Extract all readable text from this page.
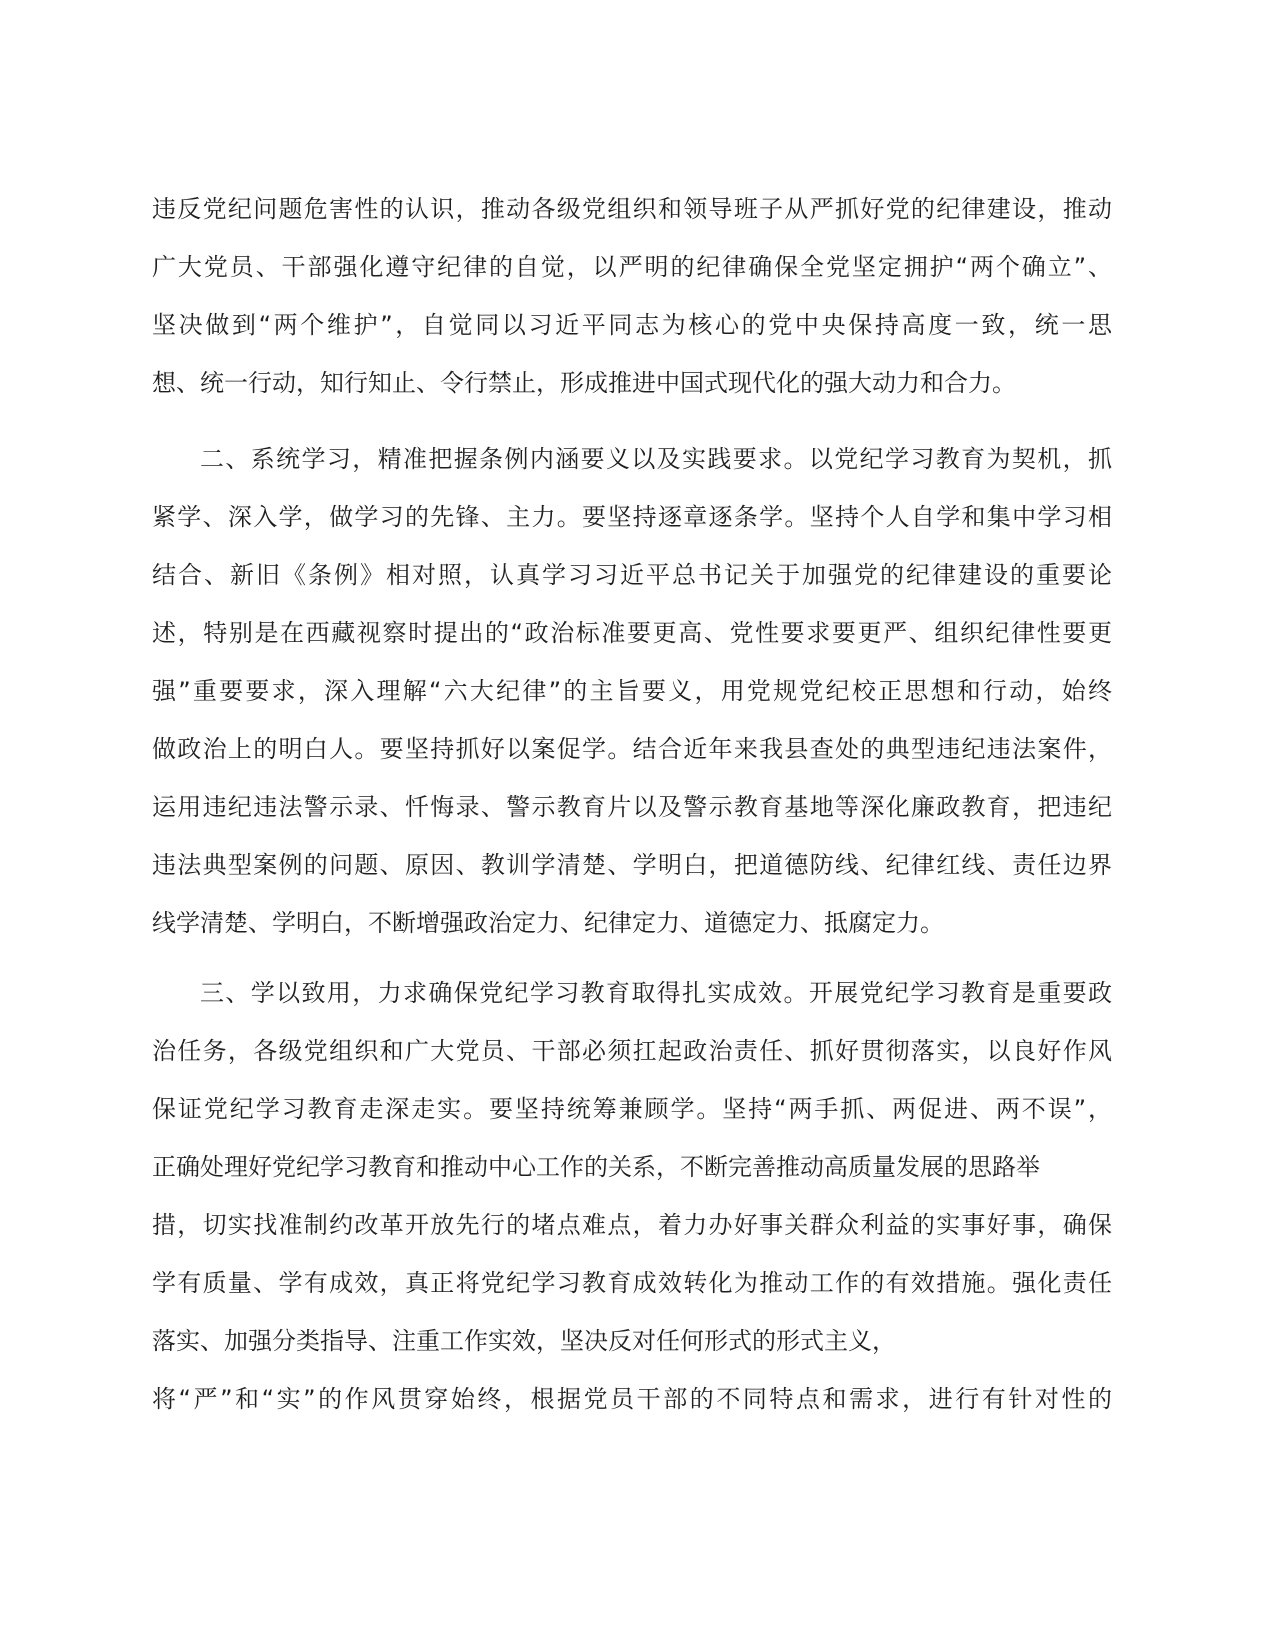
违反党纪问题危害性的认识，推动各级党组织和领导班子从严抓好党的纪律建设，推动
广大党员、干部强化遵守纪律的自觉，以严明的纪律确保全党坚定拥护“两个确立”、
坚决做到“两个维护”，自觉同以习近平同志为核心的党中央保持高度一致，统一思
想、统一行动，知行知止、令行禁止，形成推进中国式现代化的强大动力和合力。

二、系统学习，精准把握条例内涵要义以及实践要求。以党纪学习教育为契机，抓
紧学、深入学，做学习的先锋、主力。要坚持逐章逐条学。坚持个人自学和集中学习相
结合、新旧《条例》相对照，认真学习习近平总书记关于加强党的纪律建设的重要论
述，特别是在西藏视察时提出的“政治标准要更高、党性要求要更严、组织纪律性要更
强”重要要求，深入理解“六大纪律”的主旨要义，用党规党纪校正思想和行动，始终
做政治上的明白人。要坚持抓好以案促学。结合近年来我县查处的典型违纪违法案件，
运用违纪违法警示录、忏悔录、警示教育片以及警示教育基地等深化廉政教育，把违纪
违法典型案例的问题、原因、教训学清楚、学明白，把道德防线、纪律红线、责任边界
线学清楚、学明白，不断增强政治定力、纪律定力、道德定力、抵腐定力。

三、学以致用，力求确保党纪学习教育取得扎实成效。开展党纪学习教育是重要政
治任务，各级党组织和广大党员、干部必须扛起政治责任、抓好贯彻落实，以良好作风
保证党纪学习教育走深走实。要坚持统筹兼顾学。坚持“两手抓、两促进、两不误”，
正确处理好党纪学习教育和推动中心工作的关系，不断完善推动高质量发展的思路举
措，切实找准制约改革开放先行的堵点难点，着力办好事关群众利益的实事好事，确保
学有质量、学有成效，真正将党纪学习教育成效转化为推动工作的有效措施。强化责任
落实、加强分类指导、注重工作实效，坚决反对任何形式的形式主义，
将“严”和“实”的作风贯穿始终，根据党员干部的不同特点和需求，进行有针对性的
